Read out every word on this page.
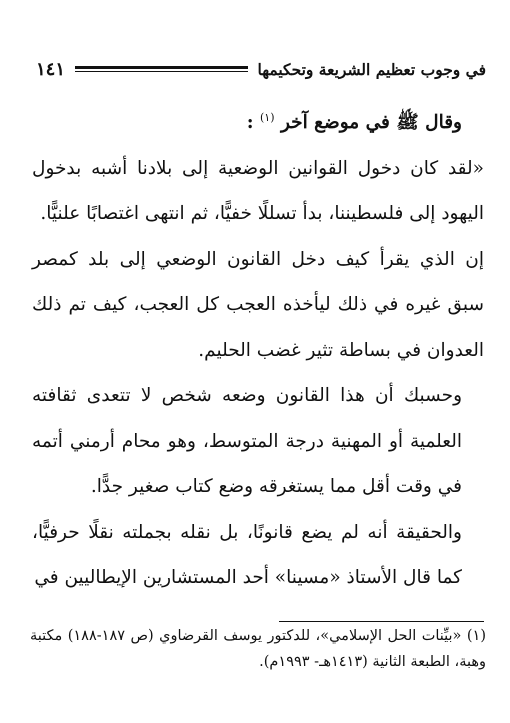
في وجوب تعظيم الشريعة وتحكيمها
١٤١

وقال ﷺ في موضع آخر $^{(١)}$ :

«لقد كان دخول القوانين الوضعية إلى بلادنا أشبه بدخول اليهود إلى فلسطيننا، بدأ تسللًا خفيًّا، ثم انتهى اغتصابًا علنيًّا.

إن الذي يقرأ كيف دخل القانون الوضعي إلى بلد كمصر سبق غيره في ذلك ليأخذه العجب كل العجب، كيف تم ذلك العدوان في بساطة تثير غضب الحليم.

وحسبك أن هذا القانون وضعه شخص لا تتعدى ثقافته العلمية أو المهنية درجة المتوسط، وهو محام أرمني أتمه في وقت أقل مما يستغرقه وضع كتاب صغير جدًّا.

والحقيقة أنه لم يضع قانونًا، بل نقله بجملته نقلًا حرفيًّا، كما قال الأستاذ «مسينا» أحد المستشارين الإيطاليين في

(١) «بيِّنات الحل الإسلامي»، للدكتور يوسف القرضاوي (ص ١٨٧-١٨٨) مكتبة وهبة، الطبعة الثانية (١٤١٣هـ- ١٩٩٣م).
